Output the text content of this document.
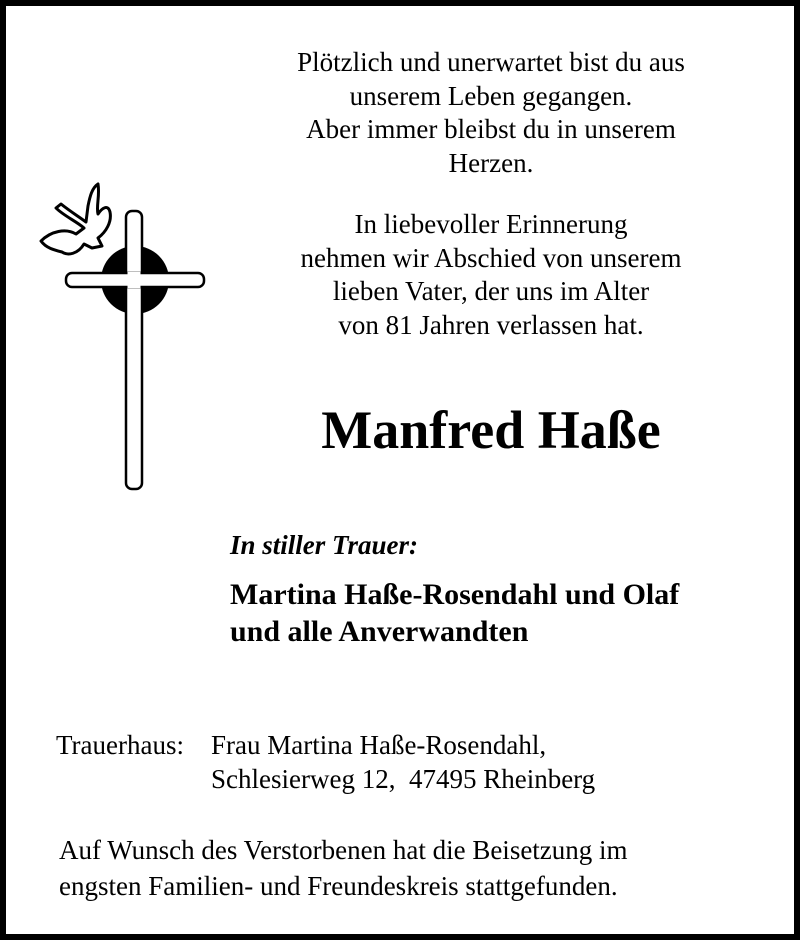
Plötzlich und unerwartet bist du aus
unserem Leben gegangen.
Aber immer bleibst du in unserem
Herzen.
In liebevoller Erinnerung
nehmen wir Abschied von unserem
lieben Vater, der uns im Alter
von 81 Jahren verlassen hat.
Manfred Haße
In stiller Trauer:
Martina Haße-Rosendahl und Olaf
und alle Anverwandten
Trauerhaus:	Frau Martina Haße-Rosendahl,
Schlesierweg 12,  47495 Rheinberg
Auf Wunsch des Verstorbenen hat die Beisetzung im
engsten Familien- und Freundeskreis stattgefunden.
